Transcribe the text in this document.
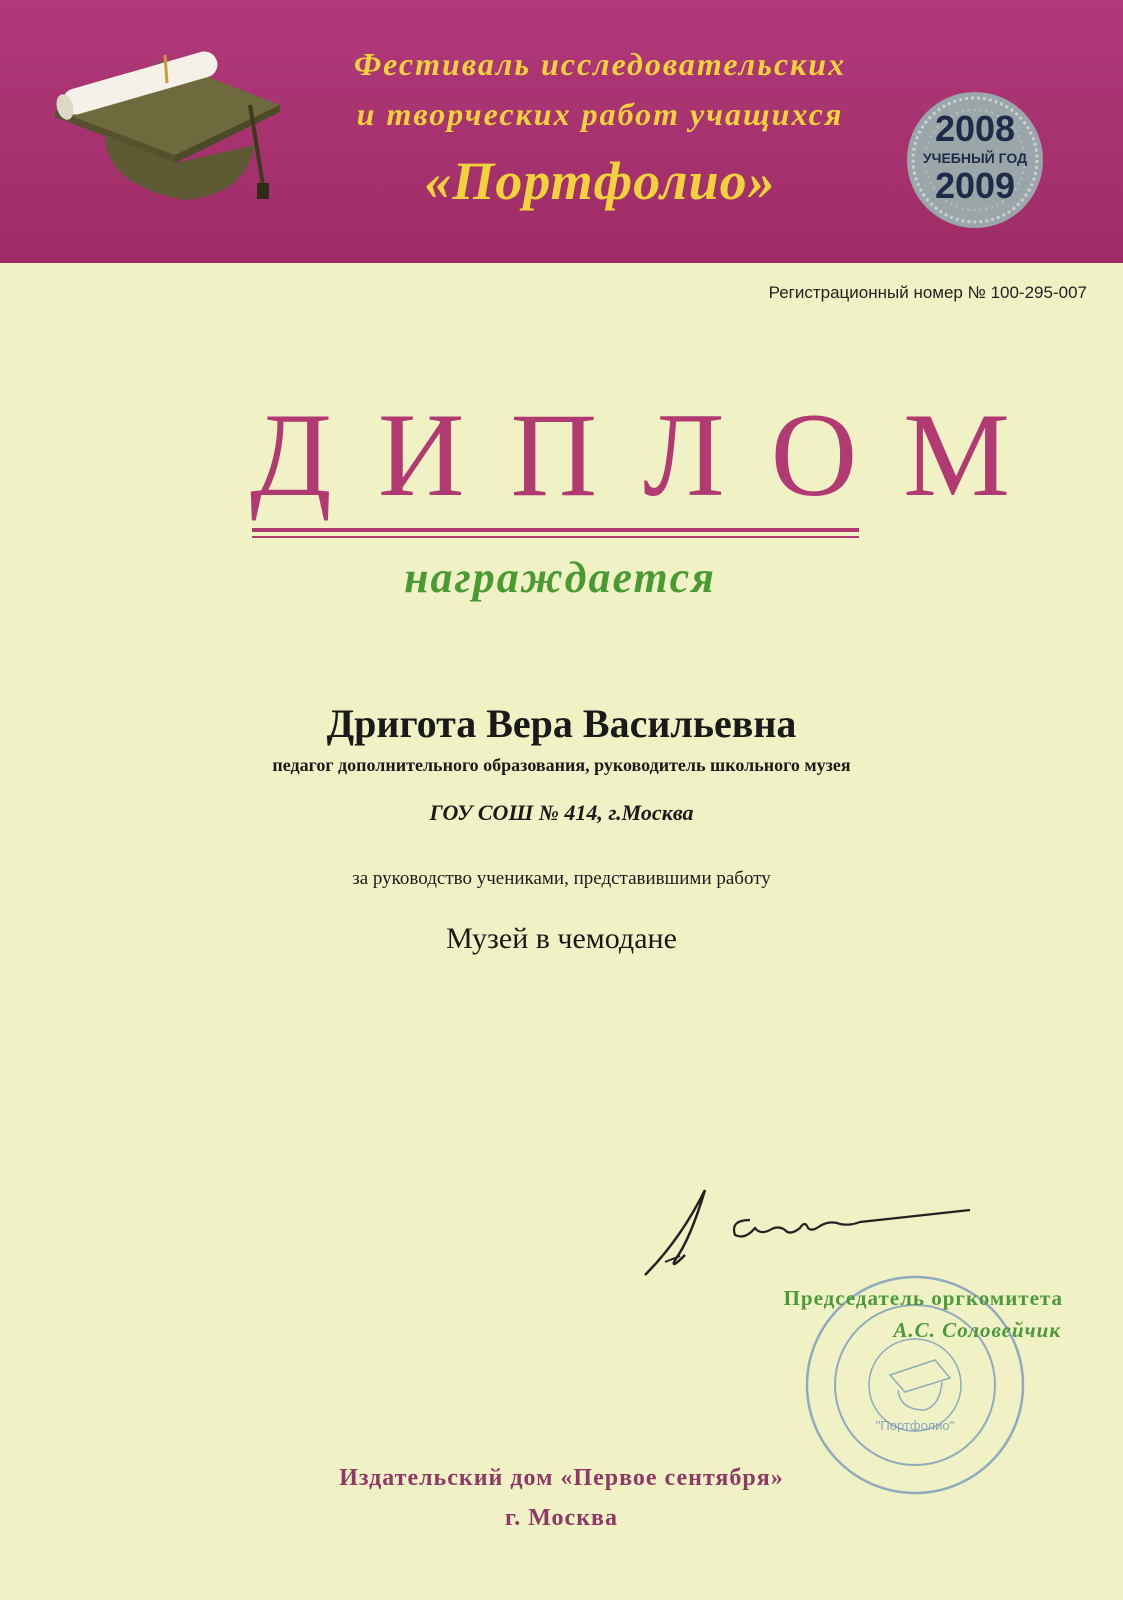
Фестиваль исследовательских
и творческих работ учащихся
«Портфолио»
2008
УЧЕБНЫЙ ГОД
2009
Регистрационный номер № 100-295-007
ДИПЛОМ
награждается
Дригота Вера Васильевна
педагог дополнительного образования, руководитель школьного музея
ГОУ СОШ № 414, г.Москва
за руководство учениками, представившими работу
Музей в чемодане
"Портфолио"
Председатель оргкомитета
А.С. Соловейчик
Издательский дом «Первое сентября»
г. Москва
